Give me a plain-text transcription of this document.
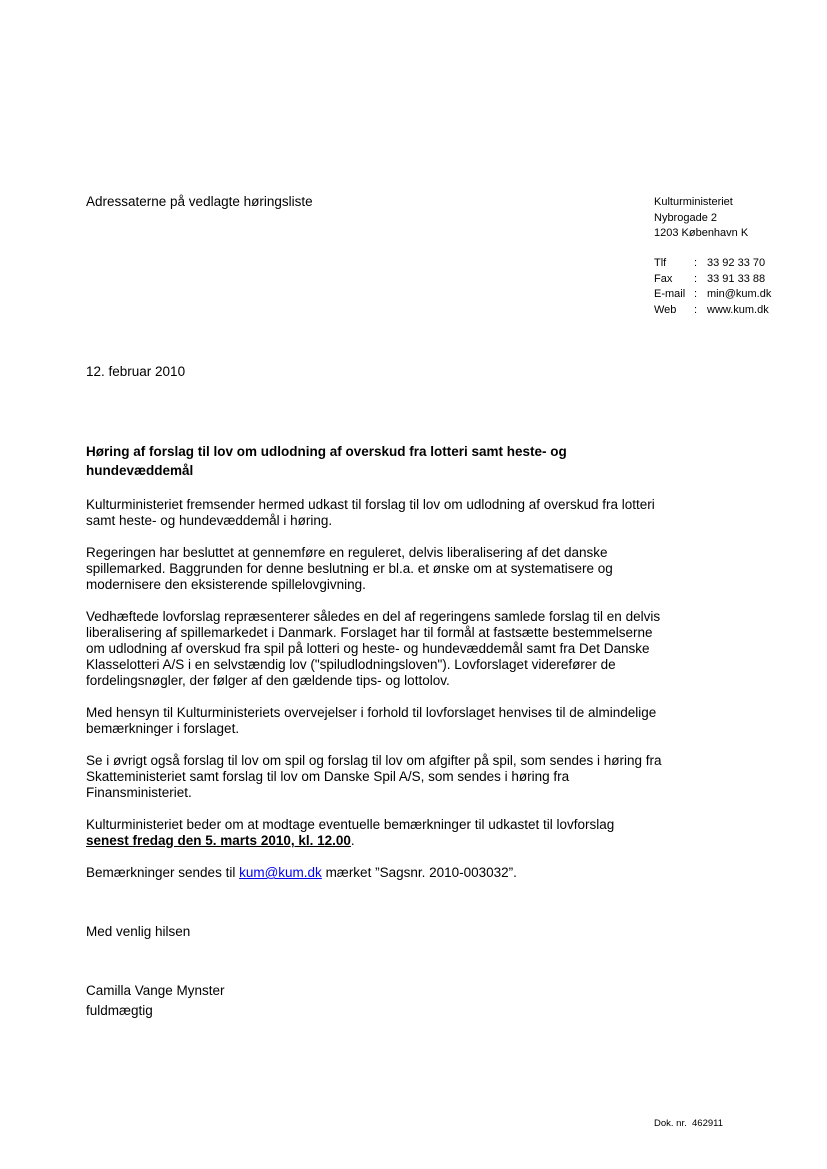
Adressaterne på vedlagte høringsliste	Kulturministeriet
Nybrogade 2
1203 København K
Tlf	:	33 92 33 70
Fax	:	33 91 33 88
E-mail	:	min@kum.dk
Web	:	www.kum.dk
12. februar 2010
Høring af forslag til lov om udlodning af overskud fra lotteri samt heste- og hundevæddemål

Kulturministeriet fremsender hermed udkast til forslag til lov om udlodning af overskud fra lotteri samt heste- og hundevæddemål i høring.

Regeringen har besluttet at gennemføre en reguleret, delvis liberalisering af det danske spillemarked. Baggrunden for denne beslutning er bl.a. et ønske om at systematisere og modernisere den eksisterende spillelovgivning.

Vedhæftede lovforslag repræsenterer således en del af regeringens samlede forslag til en delvis liberalisering af spillemarkedet i Danmark. Forslaget har til formål at fastsætte bestemmelserne om udlodning af overskud fra spil på lotteri og heste- og hundevæddemål samt fra Det Danske Klasselotteri A/S i en selvstændig lov ("spiludlodningsloven"). Lovforslaget viderefører de fordelingsnøgler, der følger af den gældende tips- og lottolov.

Med hensyn til Kulturministeriets overvejelser i forhold til lovforslaget henvises til de almindelige bemærkninger i forslaget.

Se i øvrigt også forslag til lov om spil og forslag til lov om afgifter på spil, som sendes i høring fra Skatteministeriet samt forslag til lov om Danske Spil A/S, som sendes i høring fra Finansministeriet.

Kulturministeriet beder om at modtage eventuelle bemærkninger til udkastet til lovforslag
senest fredag den 5. marts 2010, kl. 12.00.
Bemærkninger sendes til kum@kum.dk mærket ”Sagsnr. 2010-003032”.
Med venlig hilsen
Camilla Vange Mynster
fuldmægtig
Dok. nr.  462911
